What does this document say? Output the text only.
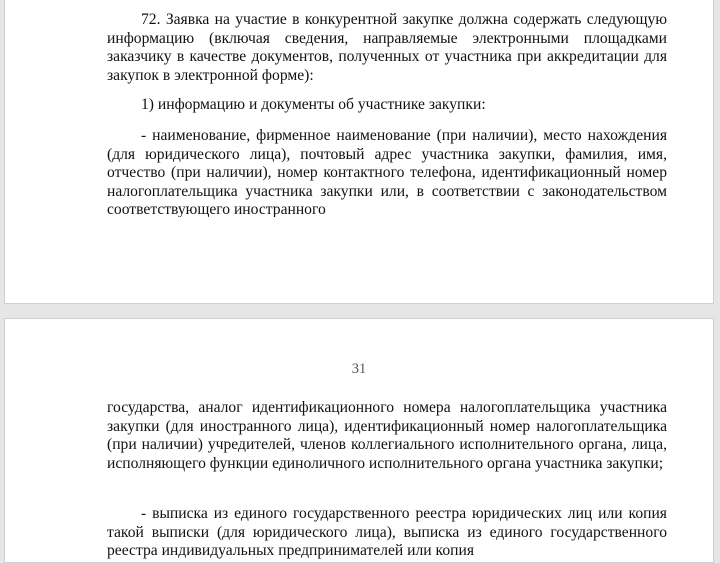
72. Заявка на участие в конкурентной закупке должна содержать следующую информацию (включая сведения, направляемые электронными площадками заказчику в качестве документов, полученных от участника при аккредитации для закупок в электронной форме):

1) информацию и документы об участнике закупки:

- наименование, фирменное наименование (при наличии), место нахождения (для юридического лица), почтовый адрес участника закупки, фамилия, имя, отчество (при наличии), номер контактного телефона, идентификационный номер налогоплательщика участника закупки или, в соответствии с законодательством соответствующего иностранного

31

государства, аналог идентификационного номера налогоплательщика участника закупки (для иностранного лица), идентификационный номер налогоплательщика (при наличии) учредителей, членов коллегиального исполнительного органа, лица, исполняющего функции единоличного исполнительного органа участника закупки;

- выписка из единого государственного реестра юридических лиц или копия такой выписки (для юридического лица), выписка из единого государственного реестра индивидуальных предпринимателей или копия
